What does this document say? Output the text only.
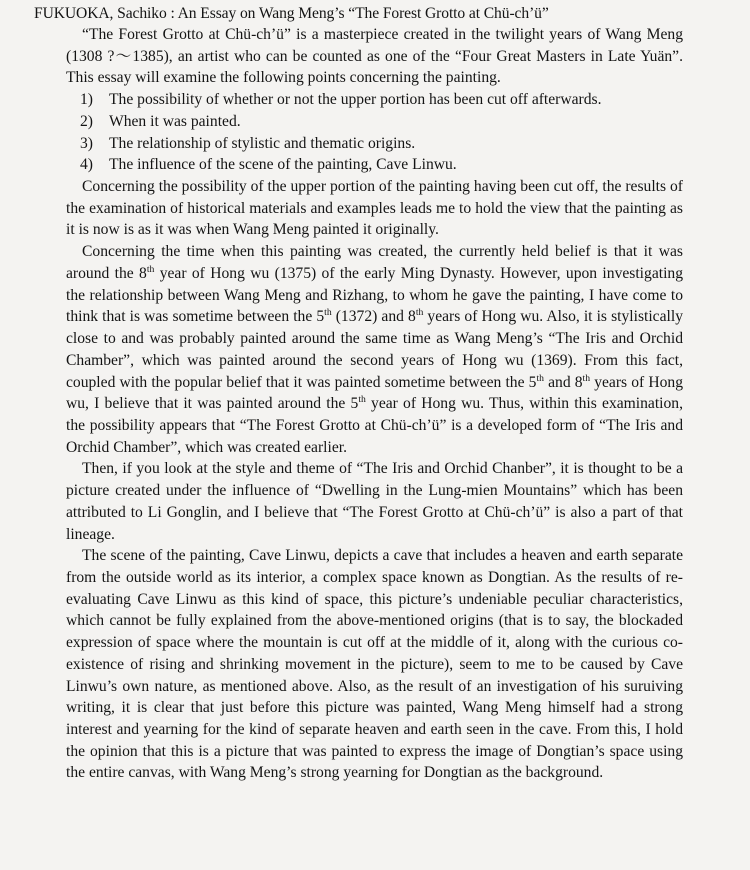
FUKUOKA, Sachiko : An Essay on Wang Meng’s “The Forest Grotto at Chü-ch’ü”

“The Forest Grotto at Chü-ch’ü” is a masterpiece created in the twilight years of Wang Meng (1308 ?～1385), an artist who can be counted as one of the “Four Great Masters in Late Yuän”. This essay will examine the following points concerning the painting.

1) The possibility of whether or not the upper portion has been cut off afterwards.
2) When it was painted.
3) The relationship of stylistic and thematic origins.
4) The influence of the scene of the painting, Cave Linwu.

Concerning the possibility of the upper portion of the painting having been cut off, the results of the examination of historical materials and examples leads me to hold the view that the painting as it is now is as it was when Wang Meng painted it originally.

Concerning the time when this painting was created, the currently held belief is that it was around the 8th year of Hong wu (1375) of the early Ming Dynasty. However, upon investigating the relationship between Wang Meng and Rizhang, to whom he gave the painting, I have come to think that is was sometime between the 5th (1372) and 8th years of Hong wu. Also, it is stylistically close to and was probably painted around the same time as Wang Meng’s “The Iris and Orchid Chamber”, which was painted around the second years of Hong wu (1369). From this fact, coupled with the popular belief that it was painted sometime between the 5th and 8th years of Hong wu, I believe that it was painted around the 5th year of Hong wu. Thus, within this examination, the possibility appears that “The Forest Grotto at Chü-ch’ü” is a developed form of “The Iris and Orchid Chamber”, which was created earlier.

Then, if you look at the style and theme of “The Iris and Orchid Chanber”, it is thought to be a picture created under the influence of “Dwelling in the Lung-mien Mountains” which has been attributed to Li Gonglin, and I believe that “The Forest Grotto at Chü-ch’ü” is also a part of that lineage.

The scene of the painting, Cave Linwu, depicts a cave that includes a heaven and earth separate from the outside world as its interior, a complex space known as Dongtian. As the results of re-evaluating Cave Linwu as this kind of space, this picture’s undeniable peculiar characteristics, which cannot be fully explained from the above-mentioned origins (that is to say, the blockaded expression of space where the mountain is cut off at the middle of it, along with the curious co-existence of rising and shrinking movement in the picture), seem to me to be caused by Cave Linwu’s own nature, as mentioned above. Also, as the result of an investigation of his suruiving writing, it is clear that just before this picture was painted, Wang Meng himself had a strong interest and yearning for the kind of separate heaven and earth seen in the cave. From this, I hold the opinion that this is a picture that was painted to express the image of Dongtian’s space using the entire canvas, with Wang Meng’s strong yearning for Dongtian as the background.
